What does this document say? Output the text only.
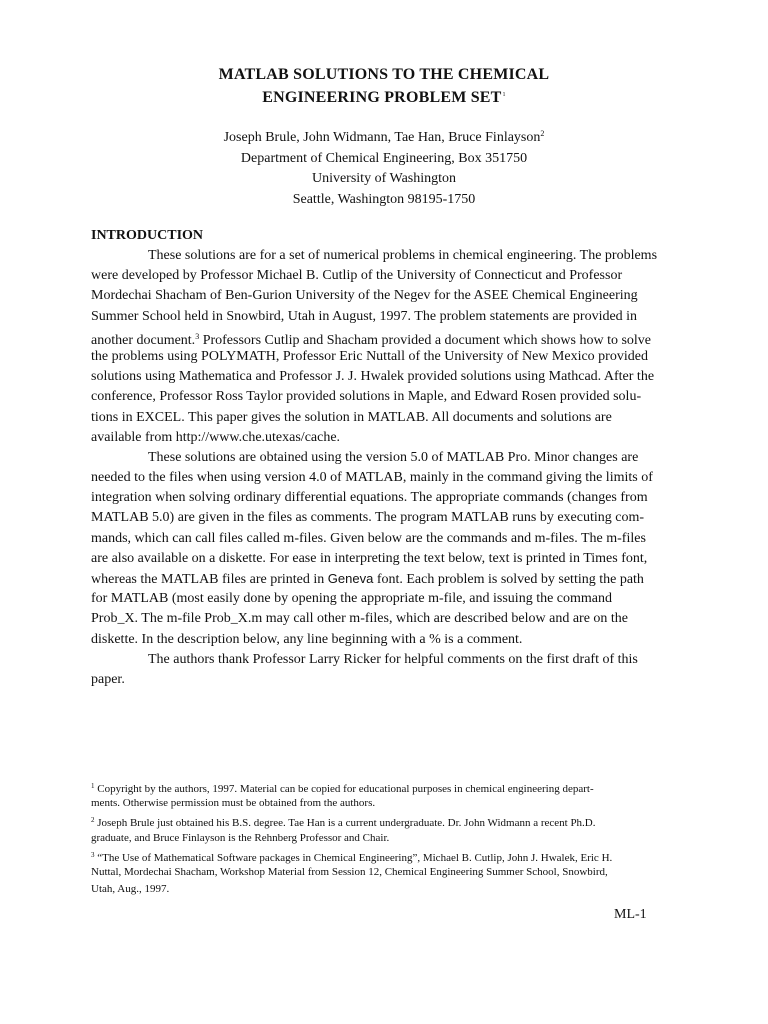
MATLAB SOLUTIONS TO THE CHEMICAL
ENGINEERING PROBLEM SET$^1$
Joseph Brule, John Widmann, Tae Han, Bruce Finlayson$^2$
Department of Chemical Engineering, Box 351750
University of Washington
Seattle, Washington 98195-1750
INTRODUCTION
These solutions are for a set of numerical problems in chemical engineering. The problems
were developed by Professor Michael B. Cutlip of the University of Connecticut and Professor
Mordechai Shacham of Ben-Gurion University of the Negev for the ASEE Chemical Engineering
Summer School held in Snowbird, Utah in August, 1997. The problem statements are provided in
another document.$^3$ Professors Cutlip and Shacham provided a document which shows how to solve
the problems using POLYMATH, Professor Eric Nuttall of the University of New Mexico provided
solutions using Mathematica and Professor J. J. Hwalek provided solutions using Mathcad. After the
conference, Professor Ross Taylor provided solutions in Maple, and Edward Rosen provided solu-
tions in EXCEL. This paper gives the solution in MATLAB. All documents and solutions are
available from http://www.che.utexas/cache.
These solutions are obtained using the version 5.0 of MATLAB Pro. Minor changes are
needed to the files when using version 4.0 of MATLAB, mainly in the command giving the limits of
integration when solving ordinary differential equations. The appropriate commands (changes from
MATLAB 5.0) are given in the files as comments. The program MATLAB runs by executing com-
mands, which can call files called m-files. Given below are the commands and m-files. The m-files
are also available on a diskette. For ease in interpreting the text below, text is printed in Times font,
whereas the MATLAB files are printed in Geneva font. Each problem is solved by setting the path
for MATLAB (most easily done by opening the appropriate m-file, and issuing the command
Prob_X. The m-file Prob_X.m may call other m-files, which are described below and are on the
diskette. In the description below, any line beginning with a % is a comment.
The authors thank Professor Larry Ricker for helpful comments on the first draft of this
paper.
$^1$ Copyright by the authors, 1997. Material can be copied for educational purposes in chemical engineering depart-
ments. Otherwise permission must be obtained from the authors.
$^2$ Joseph Brule just obtained his B.S. degree. Tae Han is a current undergraduate. Dr. John Widmann a recent Ph.D.
graduate, and Bruce Finlayson is the Rehnberg Professor and Chair.
$^3$ “The Use of Mathematical Software packages in Chemical Engineering”, Michael B. Cutlip, John J. Hwalek, Eric H.
Nuttal, Mordechai Shacham, Workshop Material from Session 12, Chemical Engineering Summer School, Snowbird,
Utah, Aug., 1997.
ML-1
